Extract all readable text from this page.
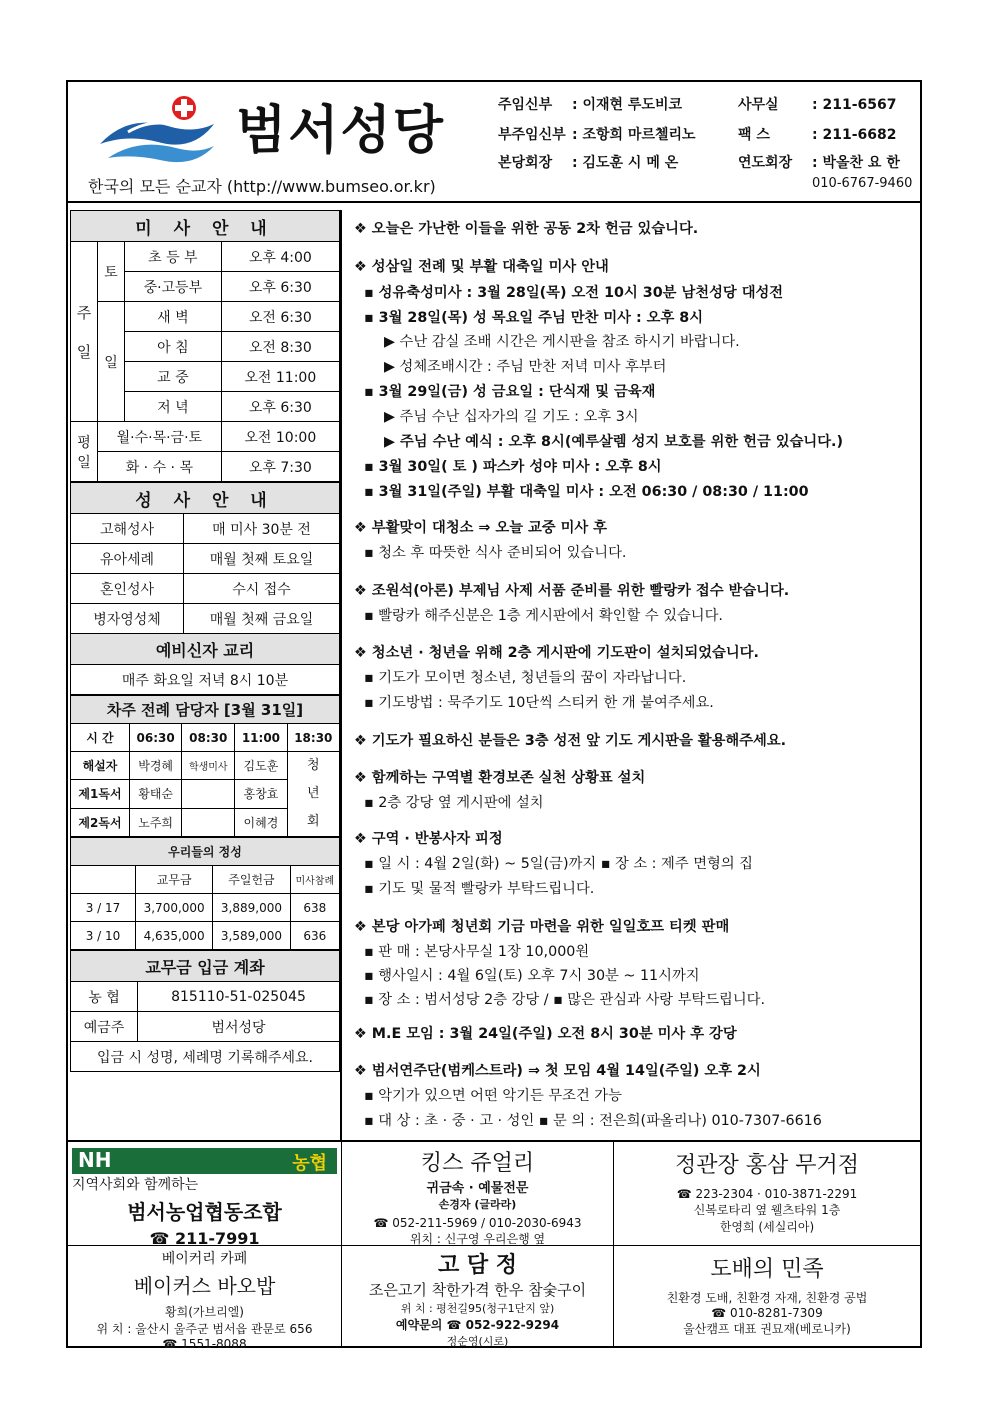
범서성당
한국의 모든 순교자 (http://www.bumseo.or.kr)
주임신부 : 이재현 루도비코	사무실 : 211-6567
부주임신부 : 조항희 마르첼리노	팩 스	: 211-6682
본당회장 : 김도훈 시 메 온	연도회장 : 박올찬 요 한
010-6767-9460
미 사 안 내			
주

일	토	초 등 부	오후 4:00
		중·고등부	오후 6:30
	일	새 벽	오전 6:30
		아 침	오전 8:30
		교 중	오전 11:00
		저 녁	오후 6:30
평
일	월·수·목·금·토		오전 10:00
	화 · 수 · 목		오후 7:30
성 사 안 내	
고해성사	매 미사 30분 전
유아세례	매월 첫째 토요일
혼인성사	수시 접수
병자영성체	매월 첫째 금요일
예비신자 교리	
매주 화요일 저녁 8시 10분	
차주 전례 담당자 [3월 31일]				
시 간	06:30	08:30	11:00	18:30
해설자	박경혜	학생미사	김도훈	청
년
회
제1독서	황태순		홍창효	
제2독서	노주희		이혜경	
우리들의 정성			
	교무금	주일헌금	미사참례
3 / 17	3,700,000	3,889,000	638
3 / 10	4,635,000	3,589,000	636
교무금 입금 계좌	
농 협	815110-51-025045
예금주	범서성당
입금 시 성명, 세례명 기록해주세요.	
❖ 오늘은 가난한 이들을 위한 공동 2차 헌금 있습니다.
❖ 성삼일 전례 및 부활 대축일 미사 안내
▪ 성유축성미사 : 3월 28일(목) 오전 10시 30분 남천성당 대성전
▪ 3월 28일(목) 성 목요일 주님 만찬 미사 : 오후 8시
▶ 수난 감실 조배 시간은 게시판을 참조 하시기 바랍니다.
▶ 성체조배시간 : 주님 만찬 저녁 미사 후부터
▪ 3월 29일(금) 성 금요일 : 단식재 및 금육재
▶ 주님 수난 십자가의 길 기도 : 오후 3시
▶ 주님 수난 예식 : 오후 8시(예루살렘 성지 보호를 위한 헌금 있습니다.)
▪ 3월 30일( 토 ) 파스카 성야 미사 : 오후 8시
▪ 3월 31일(주일) 부활 대축일 미사 : 오전 06:30 / 08:30 / 11:00
❖ 부활맞이 대청소 ⇒ 오늘 교중 미사 후
▪ 청소 후 따뜻한 식사 준비되어 있습니다.
❖ 조원석(아론) 부제님 사제 서품 준비를 위한 빨랑카 접수 받습니다.
▪ 빨랑카 해주신분은 1층 게시판에서 확인할 수 있습니다.
❖ 청소년 · 청년을 위해 2층 게시판에 기도판이 설치되었습니다.
▪ 기도가 모이면 청소년, 청년들의 꿈이 자라납니다.
▪ 기도방법 : 묵주기도 10단씩 스티커 한 개 붙여주세요.
❖ 기도가 필요하신 분들은 3층 성전 앞 기도 게시판을 활용해주세요.
❖ 함께하는 구역별 환경보존 실천 상황표 설치
▪ 2층 강당 옆 게시판에 설치
❖ 구역 · 반봉사자 피정
▪ 일 시 : 4월 2일(화) ~ 5일(금)까지 ▪ 장 소 : 제주 면형의 집
▪ 기도 및 물적 빨랑카 부탁드립니다.
❖ 본당 아가페 청년회 기금 마련을 위한 일일호프 티켓 판매
▪ 판 매 : 본당사무실 1장 10,000원
▪ 행사일시 : 4월 6일(토) 오후 7시 30분 ~ 11시까지
▪ 장 소 : 범서성당 2층 강당 / ▪ 많은 관심과 사랑 부탁드립니다.
❖ M.E 모임 : 3월 24일(주일) 오전 8시 30분 미사 후 강당
❖ 범서연주단(범케스트라) ⇒ 첫 모임 4월 14일(주일) 오후 2시
▪ 악기가 있으면 어떤 악기든 무조건 가능
▪ 대 상 : 초 · 중 · 고 · 성인 ▪ 문 의 : 전은희(파올리나) 010-7307-6616
NH	농협
지역사회와 함께하는
범서농업협동조합
☎ 211-7991
킹스 쥬얼리
귀금속 · 예물전문
손경자 (글라라)
☎ 052-211-5969 / 010-2030-6943
위치 : 신구영 우리은행 옆
정관장 홍삼 무거점
☎ 223-2304 · 010-3871-2291
신복로타리 옆 웰츠타워 1층
한영희 (세실리아)
베이커리 카페
베이커스 바오밥
황희(가브리엘)
위 치 : 울산시 울주군 범서읍 관문로 656
☎ 1551-8088
고 담 정
조은고기 착한가격 한우 참숯구이
위 치 : 평천길95(청구1단지 앞)
예약문의 ☎ 052-922-9294
정순영(시로)
도배의 민족
친환경 도배, 친환경 자재, 친환경 공법
☎ 010-8281-7309
울산캠프 대표 권묘재(베로니카)
